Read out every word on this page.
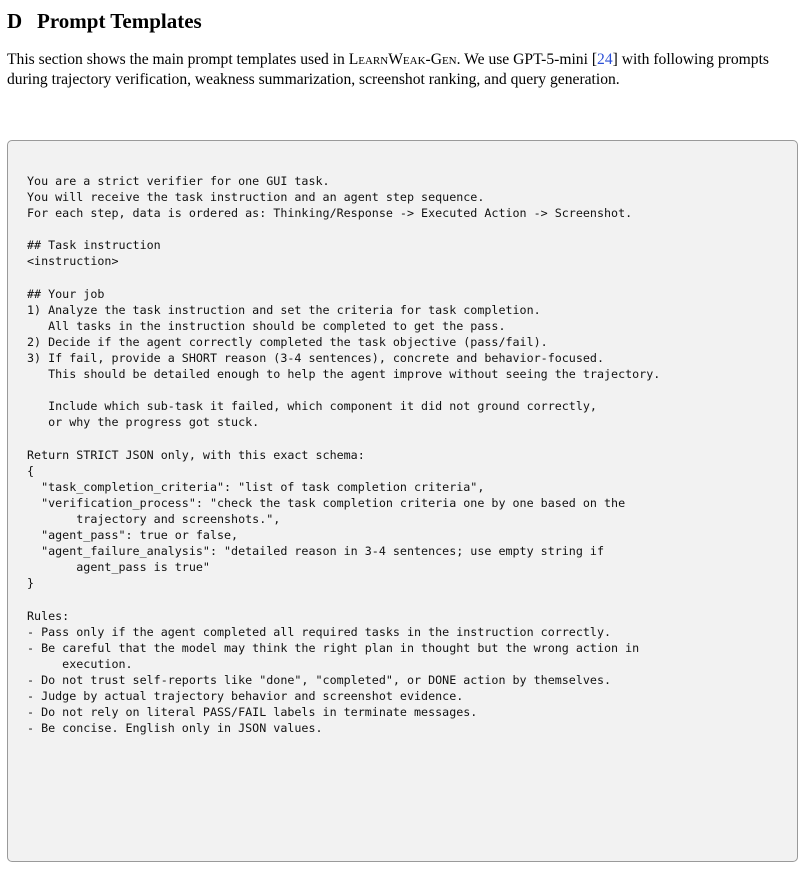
D Prompt Templates

This section shows the main prompt templates used in LearnWeak-Gen. We use GPT-5-mini [24] with following prompts during trajectory verification, weakness summarization, screenshot ranking, and query generation.

You are a strict verifier for one GUI task.
You will receive the task instruction and an agent step sequence.
For each step, data is ordered as: Thinking/Response -> Executed Action -> Screenshot.
## Task instruction
<instruction>
## Your job
1) Analyze the task instruction and set the criteria for task completion.
All tasks in the instruction should be completed to get the pass.
2) Decide if the agent correctly completed the task objective (pass/fail).
3) If fail, provide a SHORT reason (3-4 sentences), concrete and behavior-focused.
This should be detailed enough to help the agent improve without seeing the trajectory.
Include which sub-task it failed, which component it did not ground correctly,
or why the progress got stuck.
Return STRICT JSON only, with this exact schema:
{
"task_completion_criteria": "list of task completion criteria",
"verification_process": "check the task completion criteria one by one based on the
trajectory and screenshots.",
"agent_pass": true or false,
"agent_failure_analysis": "detailed reason in 3-4 sentences; use empty string if
agent_pass is true"
}
Rules:
- Pass only if the agent completed all required tasks in the instruction correctly.
- Be careful that the model may think the right plan in thought but the wrong action in
execution.
- Do not trust self-reports like "done", "completed", or DONE action by themselves.
- Judge by actual trajectory behavior and screenshot evidence.
- Do not rely on literal PASS/FAIL labels in terminate messages.
- Be concise. English only in JSON values.
